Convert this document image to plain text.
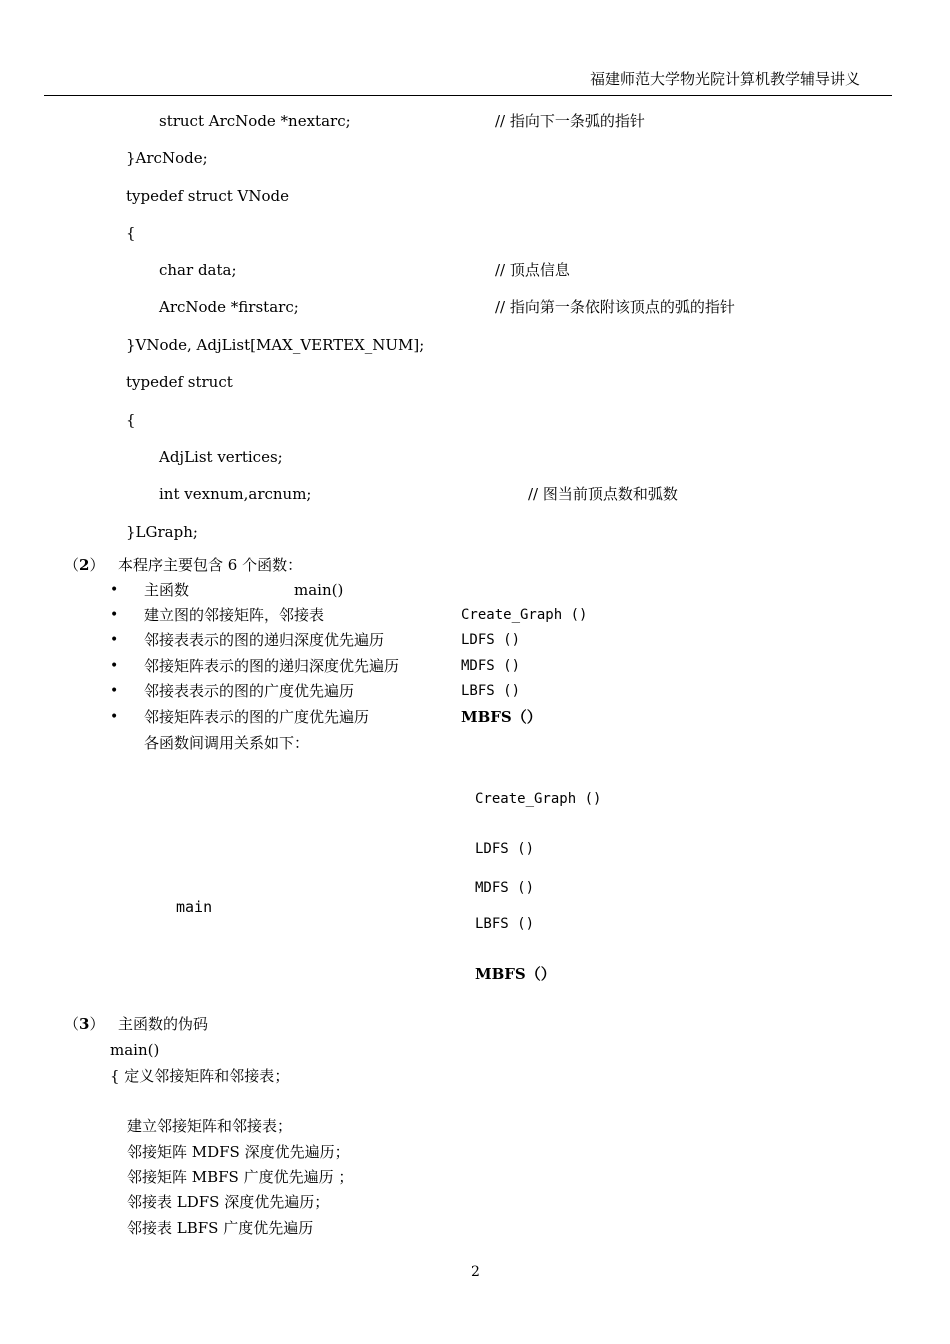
福建师范大学物光院计算机教学辅导讲义
struct ArcNode *nextarc;	// 指向下一条弧的指针
}ArcNode;
typedef struct VNode
{
char data;	// 顶点信息
ArcNode *firstarc;	// 指向第一条依附该顶点的弧的指针
}VNode, AdjList[MAX_VERTEX_NUM];
typedef struct
{
AdjList vertices;
int vexnum,arcnum;	// 图当前顶点数和弧数
}LGraph;
（2） 本程序主要包含 6 个函数：
• 主函数	main()
• 建立图的邻接矩阵，邻接表	Create_Graph ()
• 邻接表表示的图的递归深度优先遍历	LDFS ()
• 邻接矩阵表示的图的递归深度优先遍历	MDFS ()
• 邻接表表示的图的广度优先遍历	LBFS ()
• 邻接矩阵表示的图的广度优先遍历	MBFS（）
各函数间调用关系如下：
main
Create_Graph ()
LDFS ()
MDFS ()
LBFS ()
MBFS（）
（3） 主函数的伪码
main()
{ 定义邻接矩阵和邻接表；
建立邻接矩阵和邻接表；
邻接矩阵 MDFS 深度优先遍历；
邻接矩阵 MBFS 广度优先遍历 ；
邻接表 LDFS 深度优先遍历；
邻接表 LBFS 广度优先遍历
2
